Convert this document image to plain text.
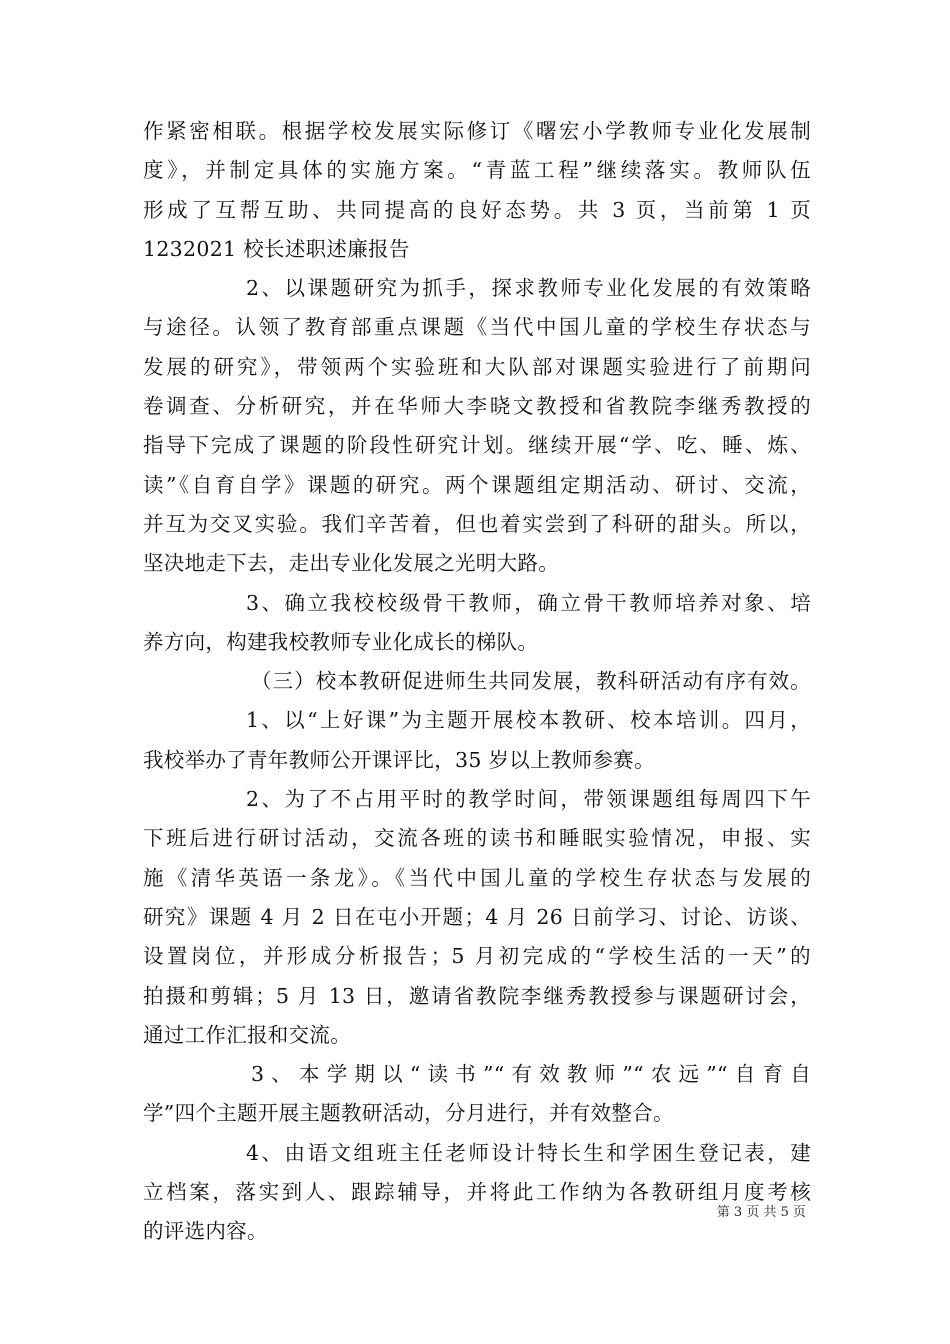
作紧密相联。根据学校发展实际修订《曙宏小学教师专业化发展制
度》，并制定具体的实施方案。“青蓝工程”继续落实。教师队伍
形成了互帮互助、共同提高的良好态势。共 3 页，当前第 1 页
1232021 校长述职述廉报告
2、以课题研究为抓手，探求教师专业化发展的有效策略
与途径。认领了教育部重点课题《当代中国儿童的学校生存状态与
发展的研究》，带领两个实验班和大队部对课题实验进行了前期问
卷调查、分析研究，并在华师大李晓文教授和省教院李继秀教授的
指导下完成了课题的阶段性研究计划。继续开展“学、吃、睡、炼、
读”《自育自学》课题的研究。两个课题组定期活动、研讨、交流，
并互为交叉实验。我们辛苦着，但也着实尝到了科研的甜头。所以，
坚决地走下去，走出专业化发展之光明大路。
3、确立我校校级骨干教师，确立骨干教师培养对象、培
养方向，构建我校教师专业化成长的梯队。
（三）校本教研促进师生共同发展，教科研活动有序有效。
1、以“上好课”为主题开展校本教研、校本培训。四月，
我校举办了青年教师公开课评比，35 岁以上教师参赛。
2、为了不占用平时的教学时间，带领课题组每周四下午
下班后进行研讨活动，交流各班的读书和睡眠实验情况，申报、实
施《清华英语一条龙》。《当代中国儿童的学校生存状态与发展的
研究》课题 4 月 2 日在屯小开题；4 月 26 日前学习、讨论、访谈、
设置岗位，并形成分析报告；5 月初完成的“学校生活的一天”的
拍摄和剪辑；5 月 13 日，邀请省教院李继秀教授参与课题研讨会，
通过工作汇报和交流。
3、本学期以“读书”“有效教师”“农远”“自育自
学”四个主题开展主题教研活动，分月进行，并有效整合。
4、由语文组班主任老师设计特长生和学困生登记表，建
立档案，落实到人、跟踪辅导，并将此工作纳为各教研组月度考核
的评选内容。
第 3 页 共 5 页
